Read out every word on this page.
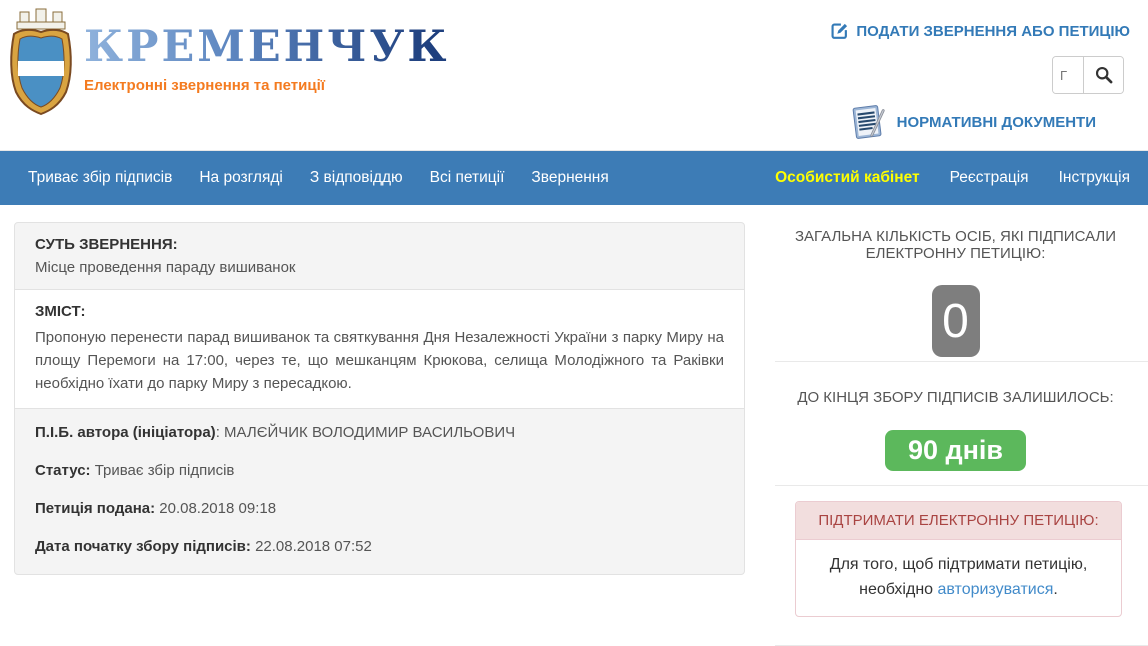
КРЕМЕНЧУК
Електронні звернення та петиції
ПОДАТИ ЗВЕРНЕННЯ АБО ПЕТИЦІЮ
Г
НОРМАТИВНІ ДОКУМЕНТИ
Триває збір підписів На розгляді З відповіддю Всі петиції Звернення	Особистий кабінет Реєстрація Інструкція
СУТЬ ЗВЕРНЕННЯ:
Місце проведення параду вишиванок
ЗМІСТ:
Пропоную перенести парад вишиванок та святкування Дня Незалежності України з парку Миру на площу Перемоги на 17:00, через те, що мешканцям Крюкова, селища Молодіжного та Раківки необхідно їхати до парку Миру з пересадкою.
П.І.Б. автора (ініціатора): МАЛЄЙЧИК ВОЛОДИМИР ВАСИЛЬОВИЧ
Статус: Триває збір підписів
Петиція подана: 20.08.2018 09:18
Дата початку збору підписів: 22.08.2018 07:52
ЗАГАЛЬНА КІЛЬКІСТЬ ОСІБ, ЯКІ ПІДПИСАЛИ ЕЛЕКТРОННУ ПЕТИЦІЮ:
0
ДО КІНЦЯ ЗБОРУ ПІДПИСІВ ЗАЛИШИЛОСЬ:
90 днів
ПІДТРИМАТИ ЕЛЕКТРОННУ ПЕТИЦІЮ:
Для того, щоб підтримати петицію, необхідно авторизуватися.
